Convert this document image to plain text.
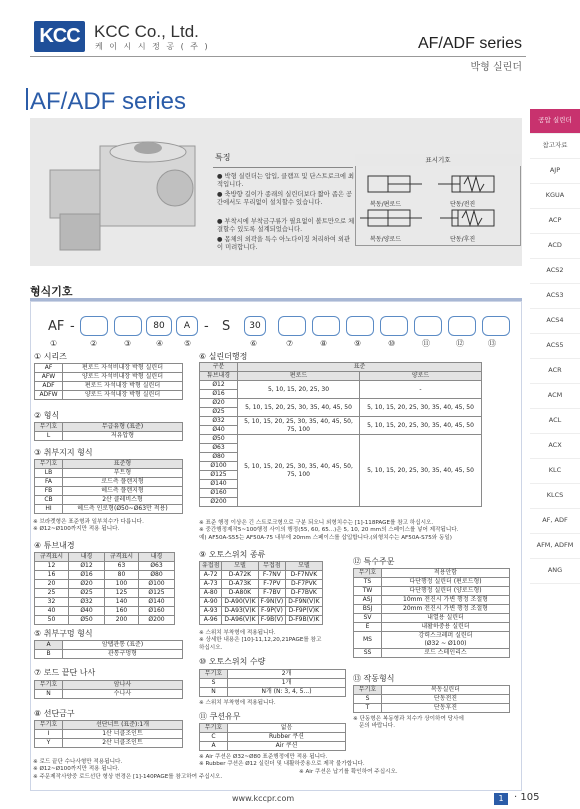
KCC KCC Co., Ltd.
케 이 시 시 정 공 ( 주 )	AF/ADF series
박형 실린더
AF/ADF series
공압 실린더
참고자료
AJP
KGUA
ACP
ACD
ACS2
ACS3
ACS4
ACS5
ACR
ACM
ACL
ACX
KLC
KLCS
AF, ADF
AFM, ADFM
ANG
특징
● 박형 실린더는 압입, 클램프 및 단스트로크에 최적입니다.
● 축방향 길이가 종래의 실린더보다 짧아 좁은 공간에서도 무리없이 설치할수 있습니다.
● 부착시에 부착금구류가 필요없이 볼트만으로 체결할수 있도록 설계되었습니다.
● 몸체의 외곽을 특수 아노다이징 처리하여 외관이 미려합니다.
표시기호
복동/편로드	단동/전진
복동/양로드	단동/후진
형식기호
AF -	80	A	- S	30
①	②	③	④	⑤	⑥	⑦	⑧	⑨	⑩	⑪	⑫	⑬
① 시리즈
AF	편로드 자석비내장 박형 실린더
AFW	양로드 자석비내장 박형 실린더
ADF	편로드 자석내장 박형 실린더
ADFW	양로드 자석내장 박형 실린더
② 형식
무기호	무급유형 (표준)
L	저유압형
③ 취부지지 형식
무기호	표준형
LB	푸트형
FA	로드측 플랜지형
FB	헤드측 플랜지형
CB	2산 클레비스형
HI	헤드측 인로형(Ø50~Ø63만 적용)
※ 브라켓형은 표준형과 일부치수가 다릅니다.
※ Ø12~Ø100까지만 적용 됩니다.
④ 튜브내경
규격표시	내경	규격표시	내경
12	Ø12	63	Ø63
16	Ø16	80	Ø80
20	Ø20	100	Ø100
25	Ø25	125	Ø125
32	Ø32	140	Ø140
40	Ø40	160	Ø160
50	Ø50	200	Ø200
⑤ 취부구멍 형식
A	암탭관통 (표준)
B	관통구멍형
⑦ 로드 끝단 나사
무기호	암나사
N	수나사
⑧ 선단금구
무기호	선단너트 (표준):1개
I	1산 너클조인트
Y	2산 너클조인트
※ 로드 끝단 수나사형만 적용됩니다.
※ Ø12~Ø100까지만 적용 됩니다.
※ 주문제작사양중 로드선단 형상 변경은 [1]-140PAGE를 참고하여 주십시오.
⑥ 실린더행정
구분	표준	
튜브내경	편로드	양로드
Ø12	5, 10, 15, 20, 25, 30	-
Ø16		
Ø20	5, 10, 15, 20, 25, 30, 35, 40, 45, 50	5, 10, 15, 20, 25, 30, 35, 40, 45, 50
Ø25		
Ø32	5, 10, 15, 20, 25, 30, 35, 40, 45, 50, 75, 100	5, 10, 15, 20, 25, 30, 35, 40, 45, 50
Ø40		
Ø50	5, 10, 15, 20, 25, 30, 35, 40, 45, 50, 75, 100	5, 10, 15, 20, 25, 30, 35, 40, 45, 50
Ø63		
Ø80		
Ø100		
Ø125		
Ø140		
Ø160		
Ø200		
※ 표준 행정 이상은 긴 스트로크형으로 구분 되오니 외형치수는 [1]-118PAGE를 참고 하십시오.
※ 중간행정제작5~100행정 사이의 행정(55, 60, 65...)은 5, 10, 20 mm의 스페이스를 넣어 제작됩니다.
예) AF50A-S55는 AF50A-75 내부에 20mm 스페이스를 삽입합니다.(외형치수는 AF50A-S75와 동일)
⑨ 오토스위치 종류
유접점	모델	무접점	모델
A-72	D-A72K	F-7NV	D-F7NVK
A-73	D-A73K	F-7PV	D-F7PVK
A-80	D-A80K	F-7BV	D-F7BVK
A-90	D-A90(V)K	F-9N(V)	D-F9N(V)K
A-93	D-A93(V)K	F-9P(V)	D-F9P(V)K
A-96	D-A96(V)K	F-9B(V)	D-F9B(V)K
※ 스위치 부착형에 적용됩니다.
※ 상세한 내용은 [10]-11,12,20,21PAGE를 참고
하십시오.
⑩ 오토스위치 수량
무기호	2개
S	1개
N	N개 (N: 3, 4, 5...)
※ 스위치 부착형에 적용됩니다.
⑪ 쿠션유무
무기호	없음
C	Rubber 쿠션
A	Air 쿠션
※ Air 쿠션은 Ø32~Ø80 표준행정에만 적용 됩니다.
※ Rubber 쿠션은 Ø12 실린더 및 내활하중용으로 제작 불가합니다.
※ Air 쿠션은 납기를 확인하여 주십시오.
⑫ 특수주문
무기호	적용안함
TS	다단행정 실린더 (편로드형)
TW	다단행정 실린더 (양로드형)
ASJ	10mm 전진시 가변 행정 조절형
BSJ	20mm 전진시 가변 행정 조절형
SV	내열용 실린더
E	내활하중용 실린더
MS	강력스크레퍼 실린더
(Ø32 ~ Ø100)

SS	로드 스테인리스
⑬ 작동형식
무기호	복동실린더
S	단동전진
T	단동후진
※ 단동형은 복동형과 치수가 상이하여 당사에
문의 바랍니다.
www.kccpr.com	1	· 105
